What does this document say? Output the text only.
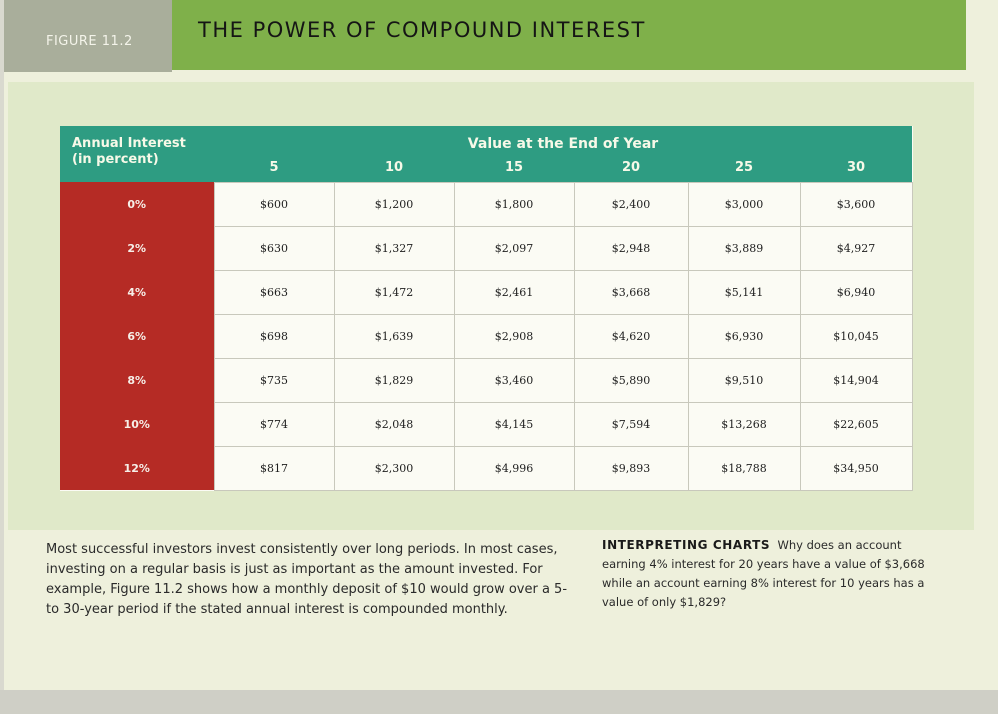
FIGURE 11.2	THE POWER OF COMPOUND INTEREST
Annual Interest
(in percent)	Value at the End of Year					
	5	10	15	20	25	30
0%	$600	$1,200	$1,800	$2,400	$3,000	$3,600
2%	$630	$1,327	$2,097	$2,948	$3,889	$4,927
4%	$663	$1,472	$2,461	$3,668	$5,141	$6,940
6%	$698	$1,639	$2,908	$4,620	$6,930	$10,045
8%	$735	$1,829	$3,460	$5,890	$9,510	$14,904
10%	$774	$2,048	$4,145	$7,594	$13,268	$22,605
12%	$817	$2,300	$4,996	$9,893	$18,788	$34,950

Most successful investors invest consistently over long periods. In most cases, investing on a regular basis is just as important as the amount invested. For example, Figure 11.2 shows how a monthly deposit of $10 would grow over a 5- to 30-year period if the stated annual interest is compounded monthly.

INTERPRETING CHARTS Why does an account earning 4% interest for 20 years have a value of $3,668 while an account earning 8% interest for 10 years has a value of only $1,829?
